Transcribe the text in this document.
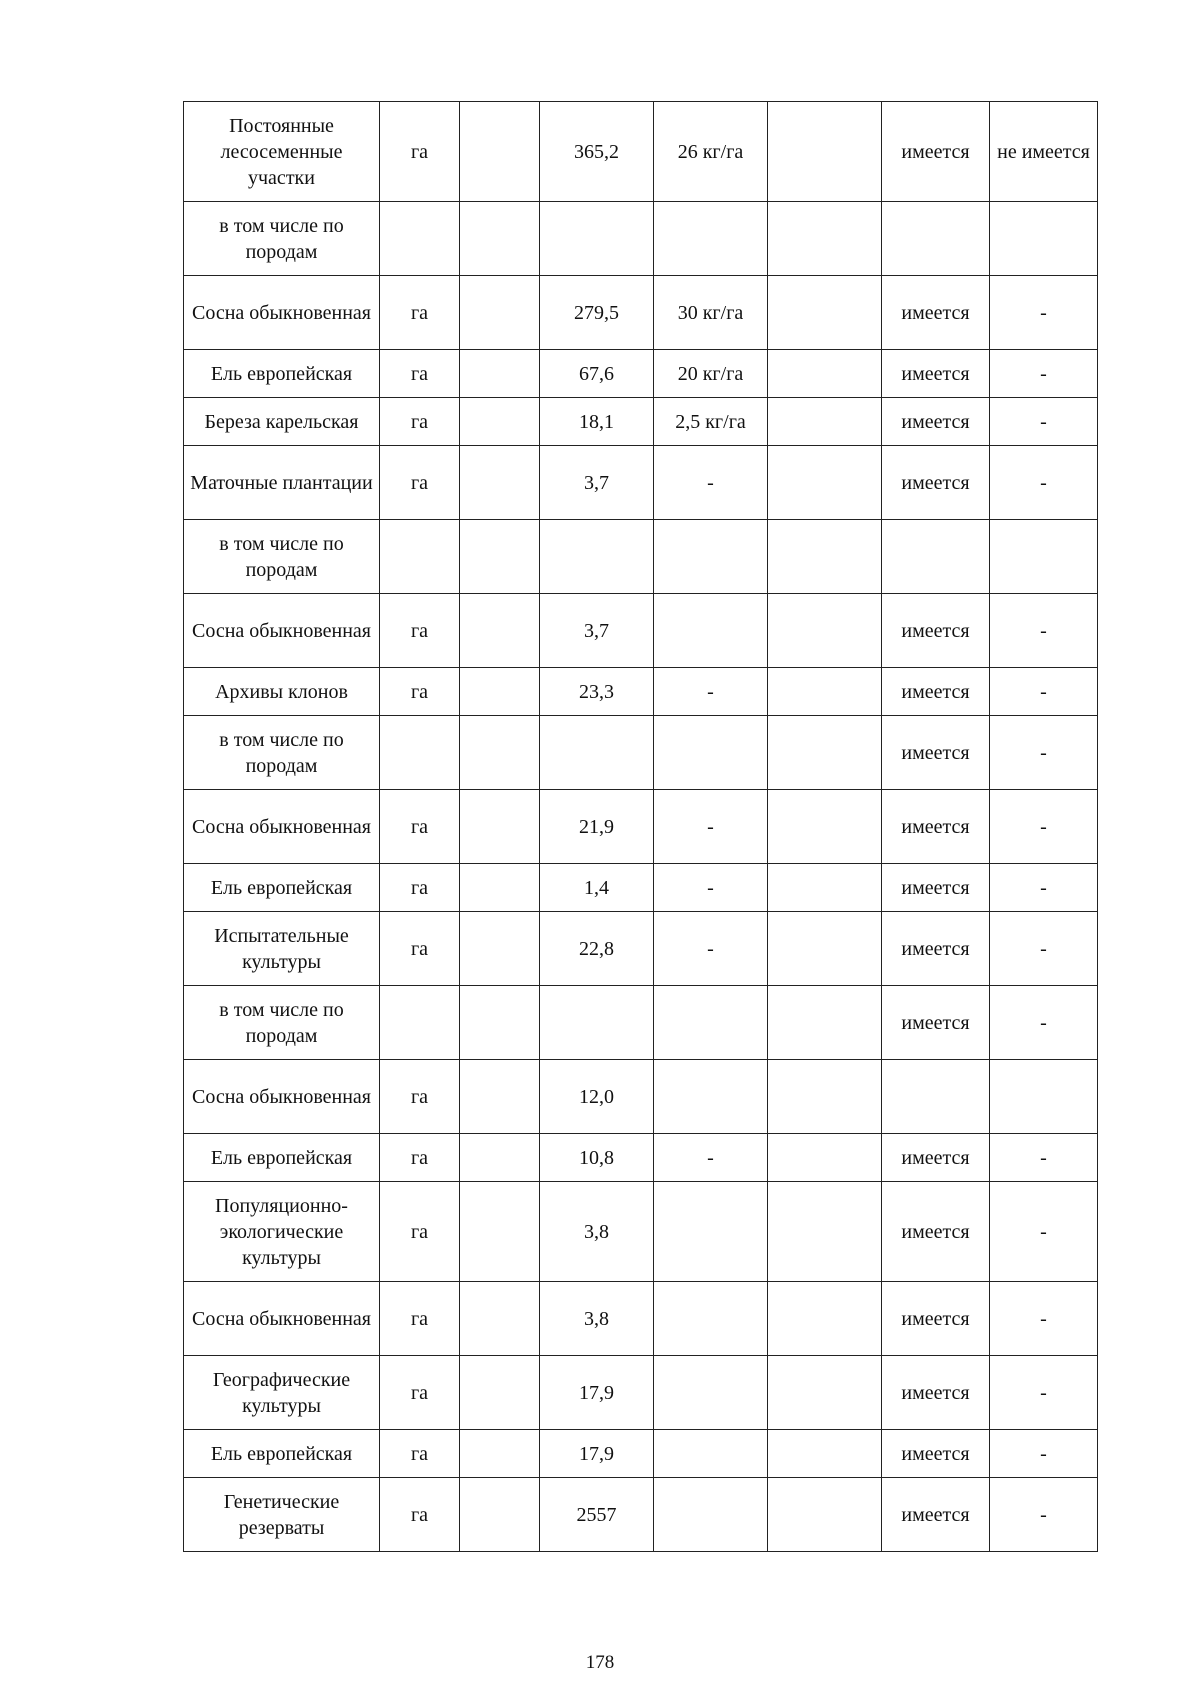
Постоянные лесосеменные участки	га		365,2	26 кг/га		имеется	не имеется
в том числе по породам							
Сосна обыкновенная	га		279,5	30 кг/га		имеется	-
Ель европейская	га		67,6	20 кг/га		имеется	-
Береза карельская	га		18,1	2,5 кг/га		имеется	-
Маточные плантации	га		3,7	-		имеется	-
в том числе по породам							
Сосна обыкновенная	га		3,7			имеется	-
Архивы клонов	га		23,3	-		имеется	-
в том числе по породам						имеется	-
Сосна обыкновенная	га		21,9	-		имеется	-
Ель европейская	га		1,4	-		имеется	-
Испытательные культуры	га		22,8	-		имеется	-
в том числе по породам						имеется	-
Сосна обыкновенная	га		12,0				
Ель европейская	га		10,8	-		имеется	-
Популяционно-экологические культуры	га		3,8			имеется	-
Сосна обыкновенная	га		3,8			имеется	-
Географические культуры	га		17,9			имеется	-
Ель европейская	га		17,9			имеется	-
Генетические резерваты	га		2557			имеется	-
178
